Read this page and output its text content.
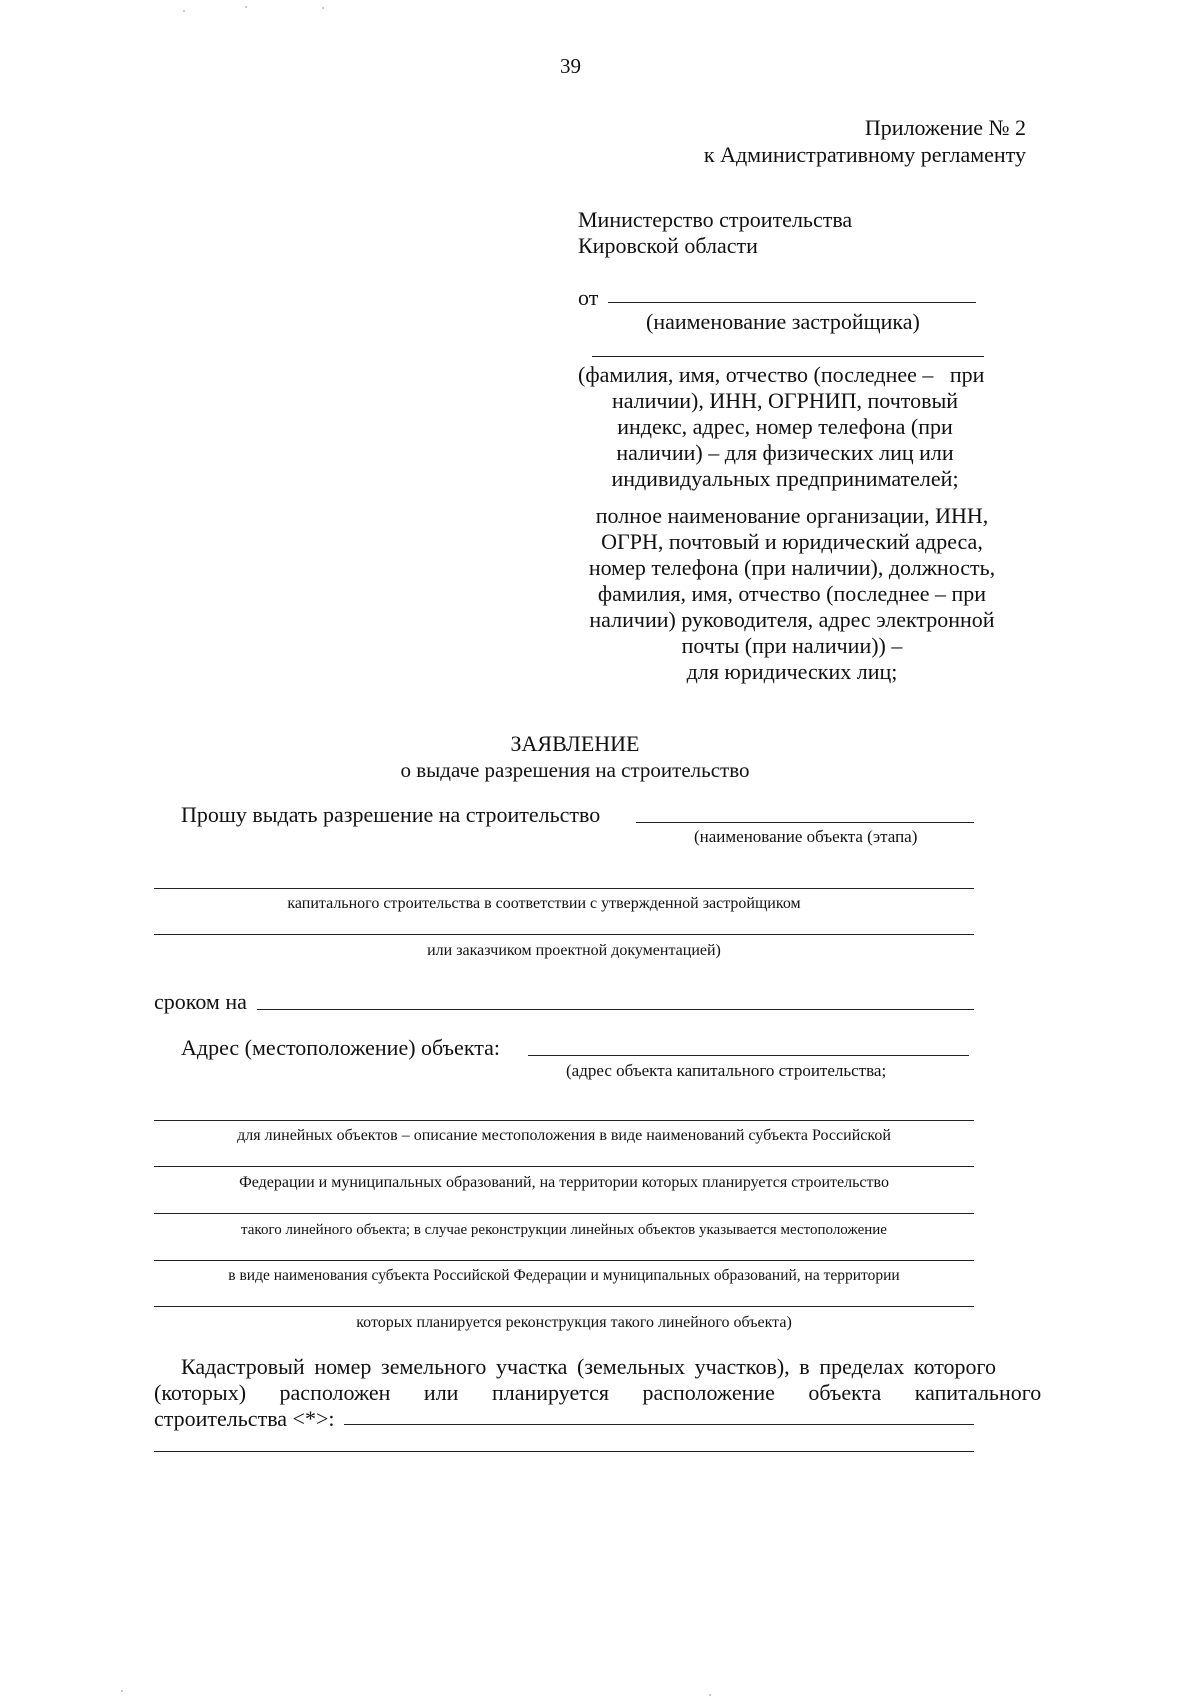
39
Приложение № 2
к Административному регламенту
Министерство строительства
Кировской области
от
(наименование застройщика)
(фамилия, имя, отчество (последнее –   при
наличии), ИНН, ОГРНИП, почтовый
индекс, адрес, номер телефона (при
наличии) – для физических лиц или
индивидуальных предпринимателей;
полное наименование организации, ИНН,
ОГРН, почтовый и юридический адреса,
номер телефона (при наличии), должность,
фамилия, имя, отчество (последнее – при
наличии) руководителя, адрес электронной
почты (при наличии)) –
для юридических лиц;
ЗАЯВЛЕНИЕ
о выдаче разрешения на строительство
Прошу выдать разрешение на строительство
(наименование объекта (этапа)
капитального строительства в соответствии с утвержденной застройщиком
или заказчиком проектной документацией)
сроком на
Адрес (местоположение) объекта:
(адрес объекта капитального строительства;
для линейных объектов – описание местоположения в виде наименований субъекта Российской
Федерации и муниципальных образований, на территории которых планируется строительство
такого линейного объекта; в случае реконструкции линейных объектов указывается местоположение
в виде наименования субъекта Российской Федерации и муниципальных образований, на территории
которых планируется реконструкция такого линейного объекта)
Кадастровый номер земельного участка (земельных участков), в пределах которого
(которых) расположен или планируется расположение объекта капитального
строительства <*>:
